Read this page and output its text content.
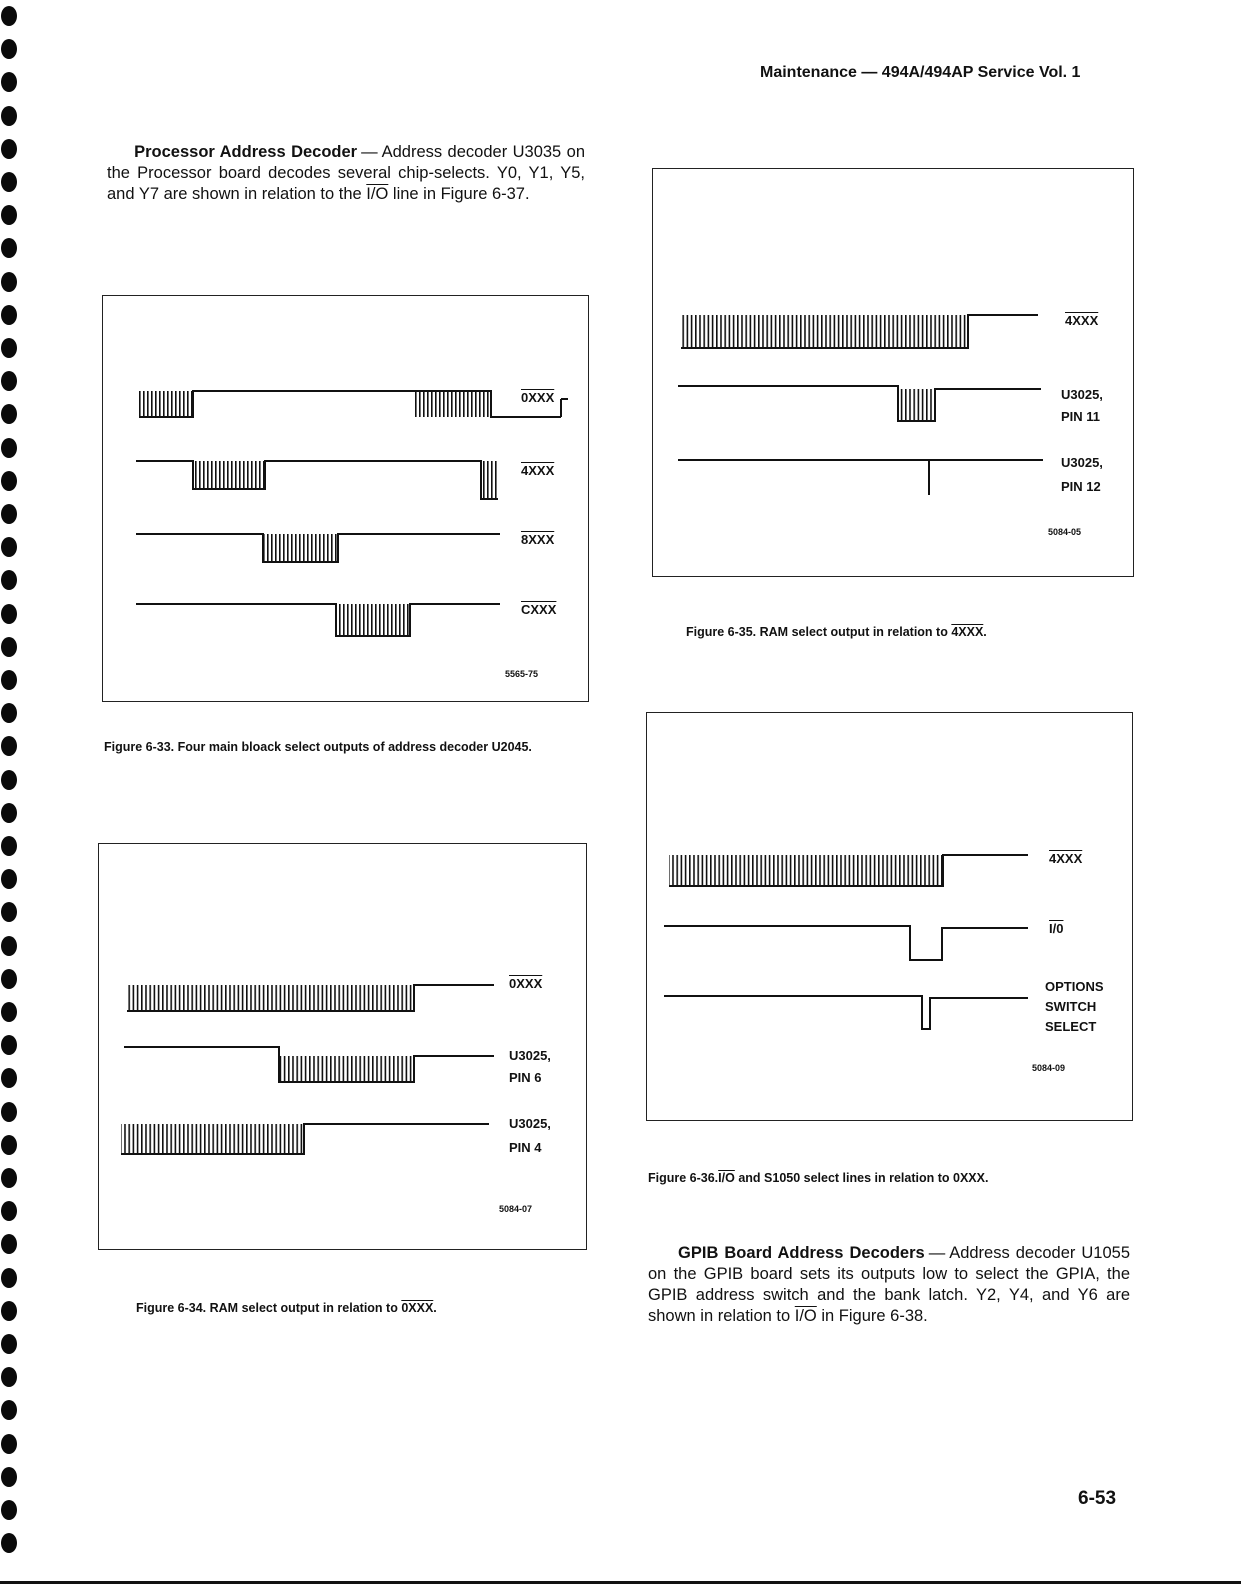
Maintenance — 494A/494AP Service Vol. 1

Processor Address Decoder — Address decoder U3035 on the Processor board decodes several chip-selects. Y0, Y1, Y5, and Y7 are shown in relation to the I/O line in Figure 6-37.

0XXX
4XXX
8XXX
CXXX
5565-75

Figure 6-33. Four main bloack select outputs of address decoder U2045.

0XXX
U3025,
PIN 6
U3025,
PIN 4
5084-07

Figure 6-34. RAM select output in relation to 0XXX.

4XXX
U3025,
PIN 11
U3025,
PIN 12
5084-05

Figure 6-35. RAM select output in relation to 4XXX.

4XXX
I/0
OPTIONS
SWITCH
SELECT
5084-09

Figure 6-36.I/O and S1050 select lines in relation to 0XXX.

GPIB Board Address Decoders — Address decoder U1055 on the GPIB board sets its outputs low to select the GPIA, the GPIB address switch and the bank latch. Y2, Y4, and Y6 are shown in relation to I/O in Figure 6-38.

6-53
